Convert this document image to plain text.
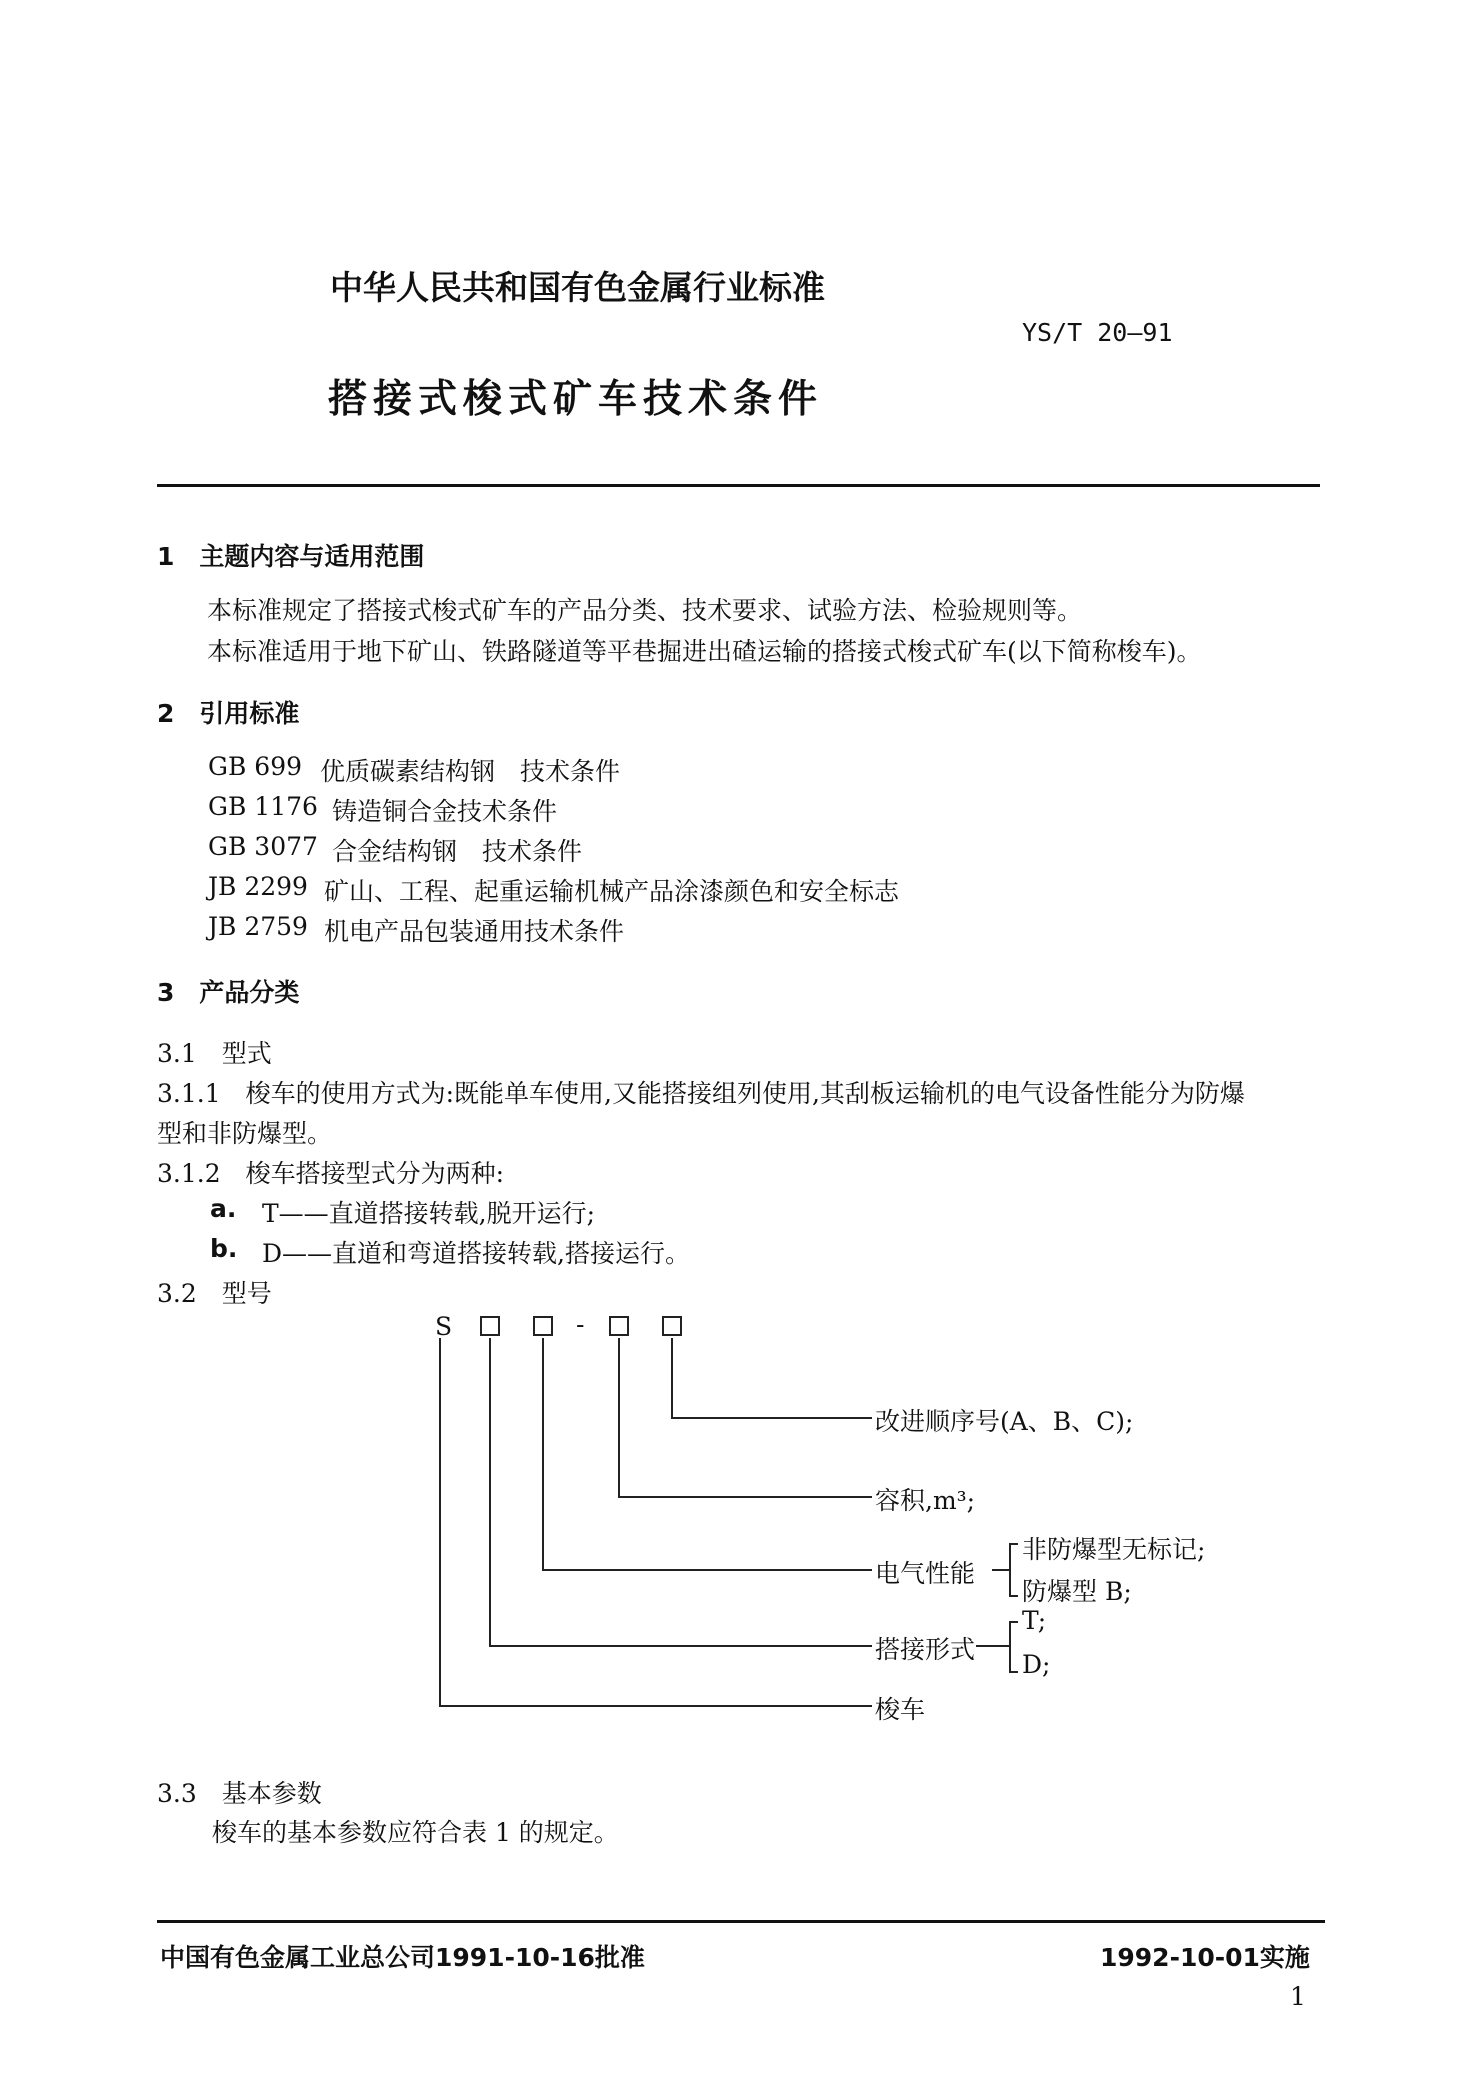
中华人民共和国有色金属行业标准
YS/T 20—91
搭接式梭式矿车技术条件
1　主题内容与适用范围
本标准规定了搭接式梭式矿车的产品分类、技术要求、试验方法、检验规则等。
本标准适用于地下矿山、铁路隧道等平巷掘进出碴运输的搭接式梭式矿车(以下简称梭车)。
2　引用标准
GB 699 优质碳素结构钢　技术条件
GB 1176 铸造铜合金技术条件
GB 3077 合金结构钢　技术条件
JB 2299 矿山、工程、起重运输机械产品涂漆颜色和安全标志
JB 2759 机电产品包装通用技术条件
3　产品分类
3.1　型式
3.1.1　梭车的使用方式为:既能单车使用,又能搭接组列使用,其刮板运输机的电气设备性能分为防爆
型和非防爆型。
3.1.2　梭车搭接型式分为两种:
a. T——直道搭接转载,脱开运行;
b. D——直道和弯道搭接转载,搭接运行。
3.2　型号
S	-
改进顺序号(A、B、C);
容积,m³;
电气性能
非防爆型无标记;
防爆型 B;
搭接形式
T;
D;
梭车
3.3　基本参数
梭车的基本参数应符合表 1 的规定。
中国有色金属工业总公司1991-10-16批准	1992-10-01实施
1
